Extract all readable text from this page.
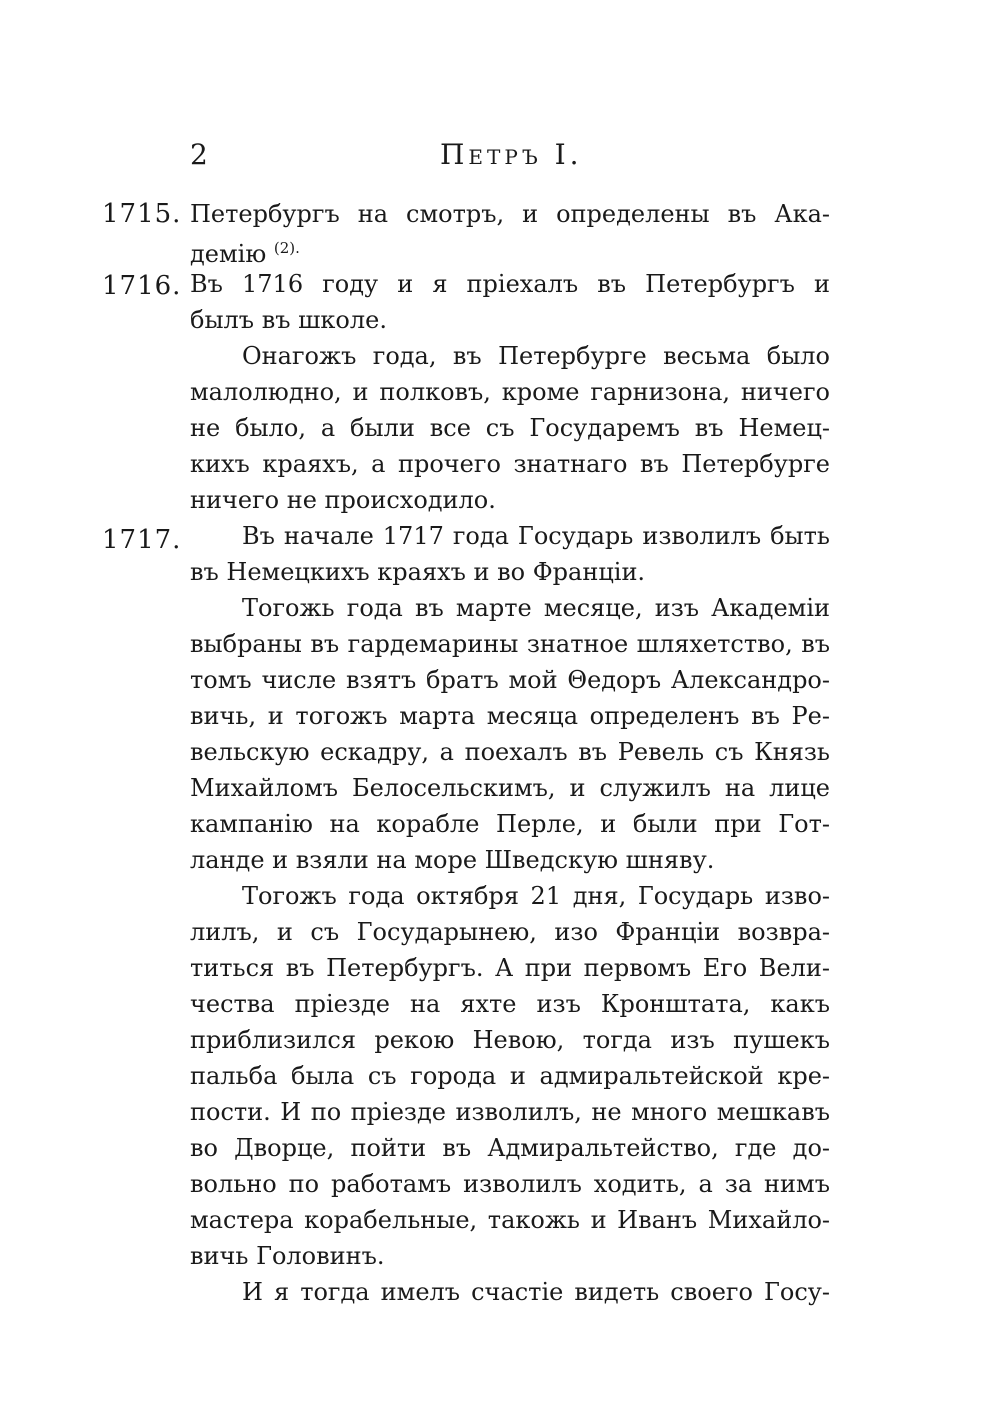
2	Петръ I.
1715.
1716.
1717.
Петербургъ на смотръ, и определены въ Ака-
демію $^{(2).}$
Въ 1716 году и я пріехалъ въ Петербургъ и
былъ въ школе.
Онагожъ года, въ Петербурге весьма было
малолюдно, и полковъ, кроме гарнизона, ничего
не было, а были все съ Государемъ въ Немец-
кихъ краяхъ, а прочего знатнаго въ Петербурге
ничего не происходило.
Въ начале 1717 года Государь изволилъ быть
въ Немецкихъ краяхъ и во Франціи.
Тогожь года въ марте месяце, изъ Академіи
выбраны въ гардемарины знатное шляхетство, въ
томъ числе взятъ братъ мой Θедоръ Александро-
вичь, и тогожъ марта месяца определенъ въ Ре-
вельскую ескадру, а поехалъ въ Ревель съ Князь
Михайломъ Белосельскимъ, и служилъ на лице
кампанію на корабле Перле, и были при Гот-
ланде и взяли на море Шведскую шняву.
Тогожъ года октября 21 дня, Государь изво-
лилъ, и съ Государынею, изо Франціи возвра-
титься въ Петербургъ. А при первомъ Его Вели-
чества пріезде на яхте изъ Кронштата, какъ
приблизился рекою Невою, тогда изъ пушекъ
пальба была съ города и адмиральтейской кре-
пости. И по пріезде изволилъ, не много мешкавъ
во Дворце, пойти въ Адмиральтейство, где до-
вольно по работамъ изволилъ ходить, а за нимъ
мастера корабельные, такожь и Иванъ Михайло-
вичь Головинъ.
И я тогда имелъ счастіе видеть своего Госу-
